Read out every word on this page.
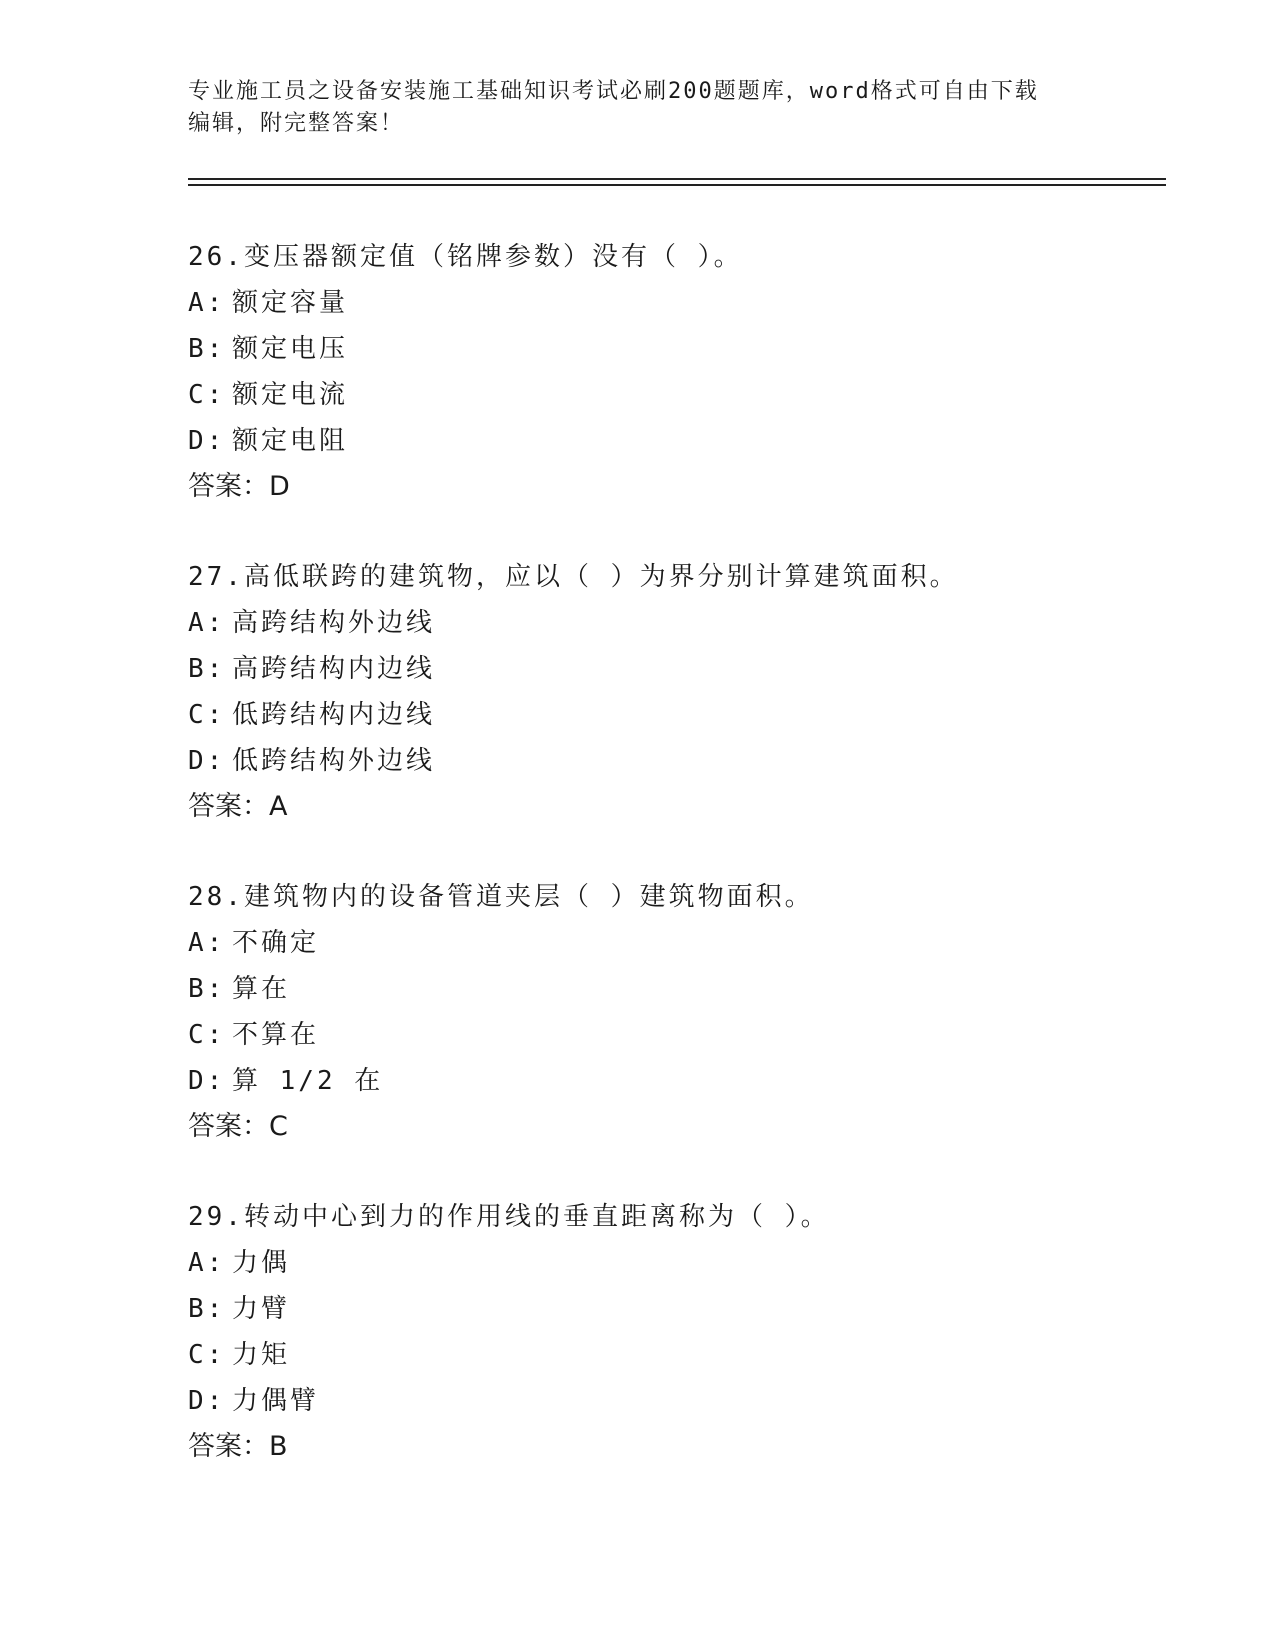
专业施工员之设备安装施工基础知识考试必刷200题题库，word格式可自由下载
编辑，附完整答案！
26.变压器额定值（铭牌参数）没有（ ）。
A: 额定容量
B: 额定电压
C: 额定电流
D: 额定电阻
答案：D
27.高低联跨的建筑物，应以（ ）为界分别计算建筑面积。
A: 高跨结构外边线
B: 高跨结构内边线
C: 低跨结构内边线
D: 低跨结构外边线
答案：A
28.建筑物内的设备管道夹层（ ）建筑物面积。
A: 不确定
B: 算在
C: 不算在
D: 算 1/2 在
答案：C
29.转动中心到力的作用线的垂直距离称为（ ）。
A: 力偶
B: 力臂
C: 力矩
D: 力偶臂
答案：B
